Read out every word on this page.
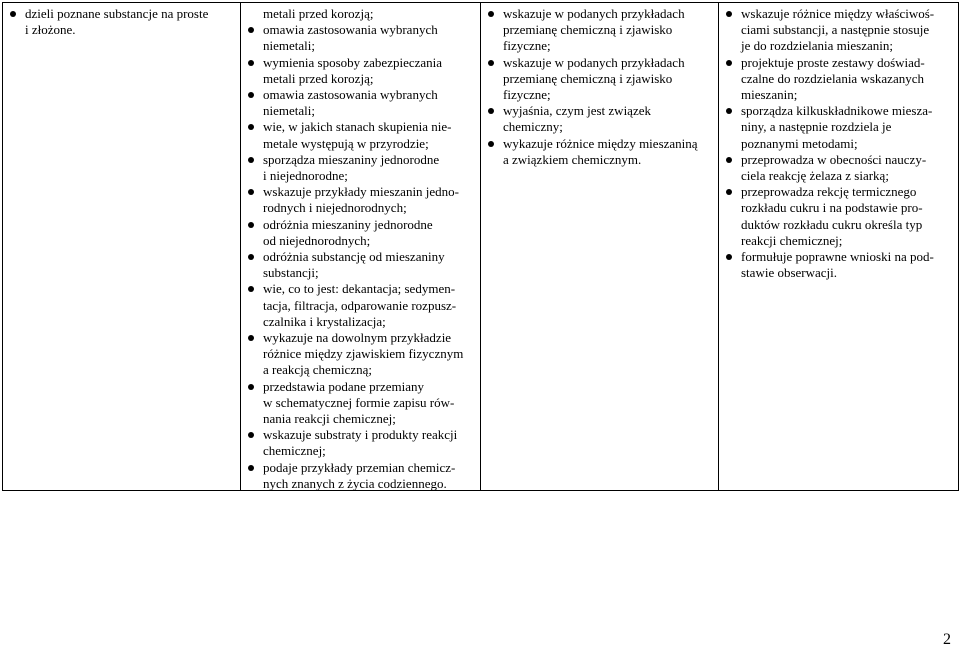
dzieli poznane substancje na proste
i złożone.
metali przed korozją;
omawia zastosowania wybranych
niemetali;
wymienia sposoby zabezpieczania
metali przed korozją;
omawia zastosowania wybranych
niemetali;
wie, w jakich stanach skupienia nie-
metale występują w przyrodzie;
sporządza mieszaniny jednorodne
i niejednorodne;
wskazuje przykłady mieszanin jedno-
rodnych i niejednorodnych;
odróżnia mieszaniny jednorodne
od niejednorodnych;
odróżnia substancję od mieszaniny
substancji;
wie, co to jest: dekantacja; sedymen-
tacja, filtracja, odparowanie rozpusz-
czalnika i krystalizacja;
wykazuje na dowolnym przykładzie
różnice między zjawiskiem fizycznym
a reakcją chemiczną;
przedstawia podane przemiany
w schematycznej formie zapisu rów-
nania reakcji chemicznej;
wskazuje substraty i produkty reakcji
chemicznej;
podaje przykłady przemian chemicz-
nych znanych z życia codziennego.
wskazuje w podanych przykładach
przemianę chemiczną i zjawisko
fizyczne;
wskazuje w podanych przykładach
przemianę chemiczną i zjawisko
fizyczne;
wyjaśnia, czym jest związek
chemiczny;
wykazuje różnice między mieszaniną
a związkiem chemicznym.
wskazuje różnice między właściwoś-
ciami substancji, a następnie stosuje
je do rozdzielania mieszanin;
projektuje proste zestawy doświad-
czalne do rozdzielania wskazanych
mieszanin;
sporządza kilkuskładnikowe miesza-
niny, a następnie rozdziela je
poznanymi metodami;
przeprowadza w obecności nauczy-
ciela reakcję żelaza z siarką;
przeprowadza rekcję termicznego
rozkładu cukru i na podstawie pro-
duktów rozkładu cukru określa typ
reakcji chemicznej;
formułuje poprawne wnioski na pod-
stawie obserwacji.
2
